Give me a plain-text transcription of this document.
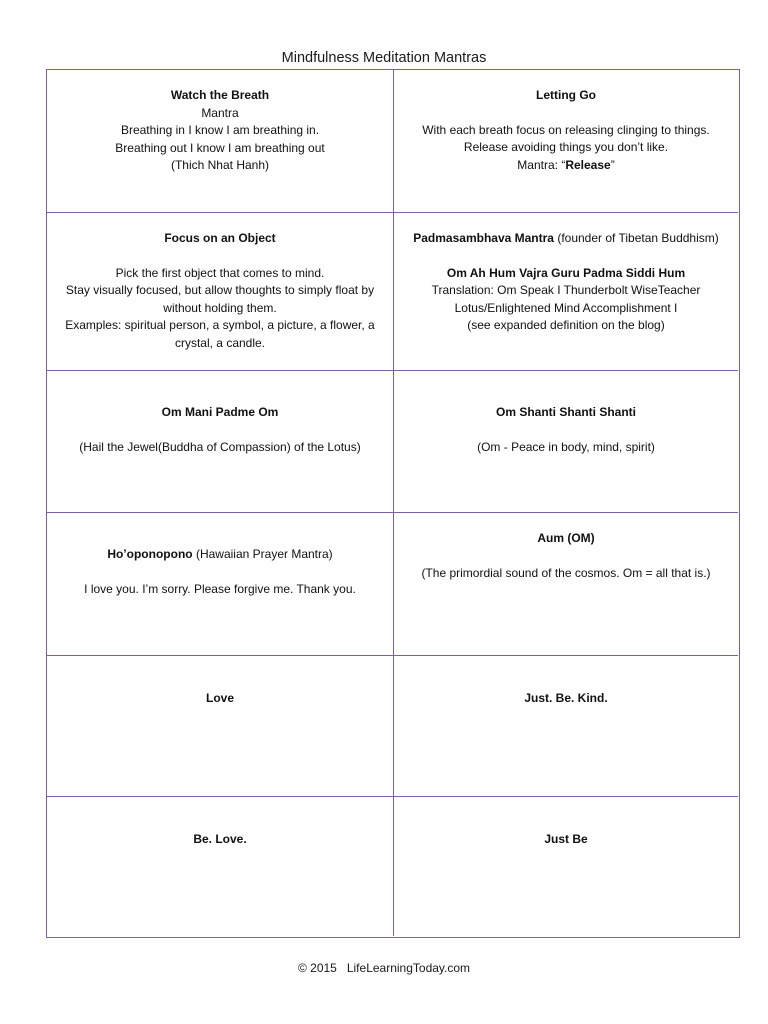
Mindfulness Meditation Mantras
Watch the Breath
Mantra
Breathing in I know I am breathing in.
Breathing out I know I am breathing out
(Thich Nhat Hanh)
Letting Go
With each breath focus on releasing clinging to things.
Release avoiding things you don’t like.
Mantra: “Release”
Focus on an Object
Pick the first object that comes to mind.
Stay visually focused, but allow thoughts to simply float by
without holding them.
Examples: spiritual person, a symbol, a picture, a flower, a
crystal, a candle.
Padmasambhava Mantra (founder of Tibetan Buddhism)
Om Ah Hum Vajra Guru Padma Siddi Hum
Translation: Om Speak I Thunderbolt WiseTeacher
Lotus/Enlightened Mind Accomplishment I
(see expanded definition on the blog)
Om Mani Padme Om
(Hail the Jewel(Buddha of Compassion) of the Lotus)
Om Shanti Shanti Shanti
(Om - Peace in body, mind, spirit)
Ho’oponopono (Hawaiian Prayer Mantra)
I love you. I’m sorry. Please forgive me. Thank you.
Aum (OM)
(The primordial sound of the cosmos. Om = all that is.)
Love	Just. Be. Kind.
Be. Love.	Just Be
© 2015   LifeLearningToday.com
